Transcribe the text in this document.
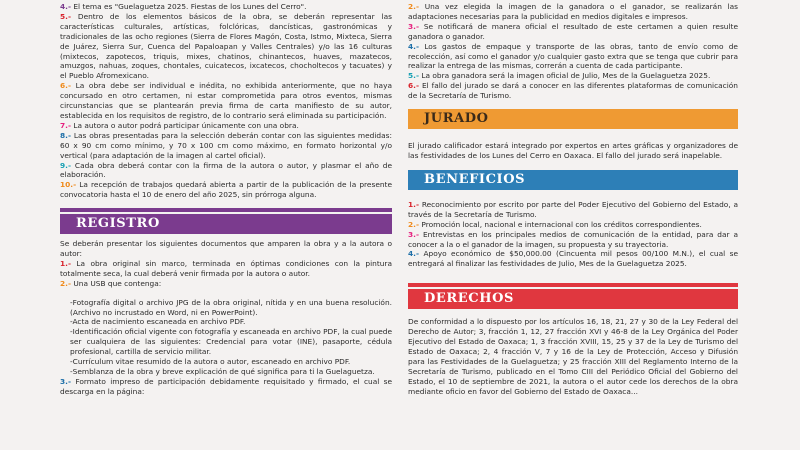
4.- El tema es "Guelaguetza 2025. Fiestas de los Lunes del Cerro".

5.- Dentro de los elementos básicos de la obra, se deberán representar las características culturales, artísticas, folclóricas, dancísticas, gastronómicas y tradicionales de las ocho regiones (Sierra de Flores Magón, Costa, Istmo, Mixteca, Sierra de Juárez, Sierra Sur, Cuenca del Papaloapan y Valles Centrales) y/o las 16 culturas (mixtecos, zapotecos, triquis, mixes, chatinos, chinantecos, huaves, mazatecos, amuzgos, nahuas, zoques, chontales, cuicatecos, ixcatecos, chocholtecos y tacuates) y el Pueblo Afromexicano.

6.- La obra debe ser individual e inédita, no exhibida anteriormente, que no haya concursado en otro certamen, ni estar comprometida para otros eventos, mismas circunstancias que se plantearán previa firma de carta manifiesto de su autor, establecida en los requisitos de registro, de lo contrario será eliminada su participación.

7.- La autora o autor podrá participar únicamente con una obra.

8.- Las obras presentadas para la selección deberán contar con las siguientes medidas: 60 x 90 cm como mínimo, y 70 x 100 cm como máximo, en formato horizontal y/o vertical (para adaptación de la imagen al cartel oficial).

9.- Cada obra deberá contar con la firma de la autora o autor, y plasmar el año de elaboración.

10.- La recepción de trabajos quedará abierta a partir de la publicación de la presente convocatoria hasta el 10 de enero del año 2025, sin prórroga alguna.

REGISTRO

Se deberán presentar los siguientes documentos que amparen la obra y a la autora o autor:

1.- La obra original sin marco, terminada en óptimas condiciones con la pintura totalmente seca, la cual deberá venir firmada por la autora o autor.

2.- Una USB que contenga:

-Fotografía digital o archivo JPG de la obra original, nítida y en una buena resolución. (Archivo no incrustado en Word, ni en PowerPoint).

-Acta de nacimiento escaneada en archivo PDF.

-Identificación oficial vigente con fotografía y escaneada en archivo PDF, la cual puede ser cualquiera de las siguientes: Credencial para votar (INE), pasaporte, cédula profesional, cartilla de servicio militar.

-Currículum vitae resumido de la autora o autor, escaneado en archivo PDF.

-Semblanza de la obra y breve explicación de qué significa para ti la Guelaguetza.

3.- Formato impreso de participación debidamente requisitado y firmado, el cual se descarga en la página:

2.- Una vez elegida la imagen de la ganadora o el ganador, se realizarán las adaptaciones necesarias para la publicidad en medios digitales e impresos.

3.- Se notificará de manera oficial el resultado de este certamen a quien resulte ganadora o ganador.

4.- Los gastos de empaque y transporte de las obras, tanto de envío como de recolección, así como el ganador y/o cualquier gasto extra que se tenga que cubrir para realizar la entrega de las mismas, correrán a cuenta de cada participante.

5.- La obra ganadora será la imagen oficial de Julio, Mes de la Guelaguetza 2025.

6.- El fallo del jurado se dará a conocer en las diferentes plataformas de comunicación de la Secretaría de Turismo.

JURADO

El jurado calificador estará integrado por expertos en artes gráficas y organizadores de las festividades de los Lunes del Cerro en Oaxaca. El fallo del jurado será inapelable.

BENEFICIOS

1.- Reconocimiento por escrito por parte del Poder Ejecutivo del Gobierno del Estado, a través de la Secretaría de Turismo.

2.- Promoción local, nacional e internacional con los créditos correspondientes.

3.- Entrevistas en los principales medios de comunicación de la entidad, para dar a conocer a la o el ganador de la imagen, su propuesta y su trayectoria.

4.- Apoyo económico de $50,000.00 (Cincuenta mil pesos 00/100 M.N.), el cual se entregará al finalizar las festividades de Julio, Mes de la Guelaguetza 2025.

DERECHOS

De conformidad a lo dispuesto por los artículos 16, 18, 21, 27 y 30 de la Ley Federal del Derecho de Autor; 3, fracción 1, 12, 27 fracción XVI y 46-8 de la Ley Orgánica del Poder Ejecutivo del Estado de Oaxaca; 1, 3 fracción XVIII, 15, 25 y 37 de la Ley de Turismo del Estado de Oaxaca; 2, 4 fracción V, 7 y 16 de la Ley de Protección, Acceso y Difusión para las Festividades de la Guelaguetza; y 25 fracción XIII del Reglamento Interno de la Secretaría de Turismo, publicado en el Tomo CIII del Periódico Oficial del Gobierno del Estado, el 10 de septiembre de 2021, la autora o el autor cede los derechos de la obra mediante oficio en favor del Gobierno del Estado de Oaxaca...
